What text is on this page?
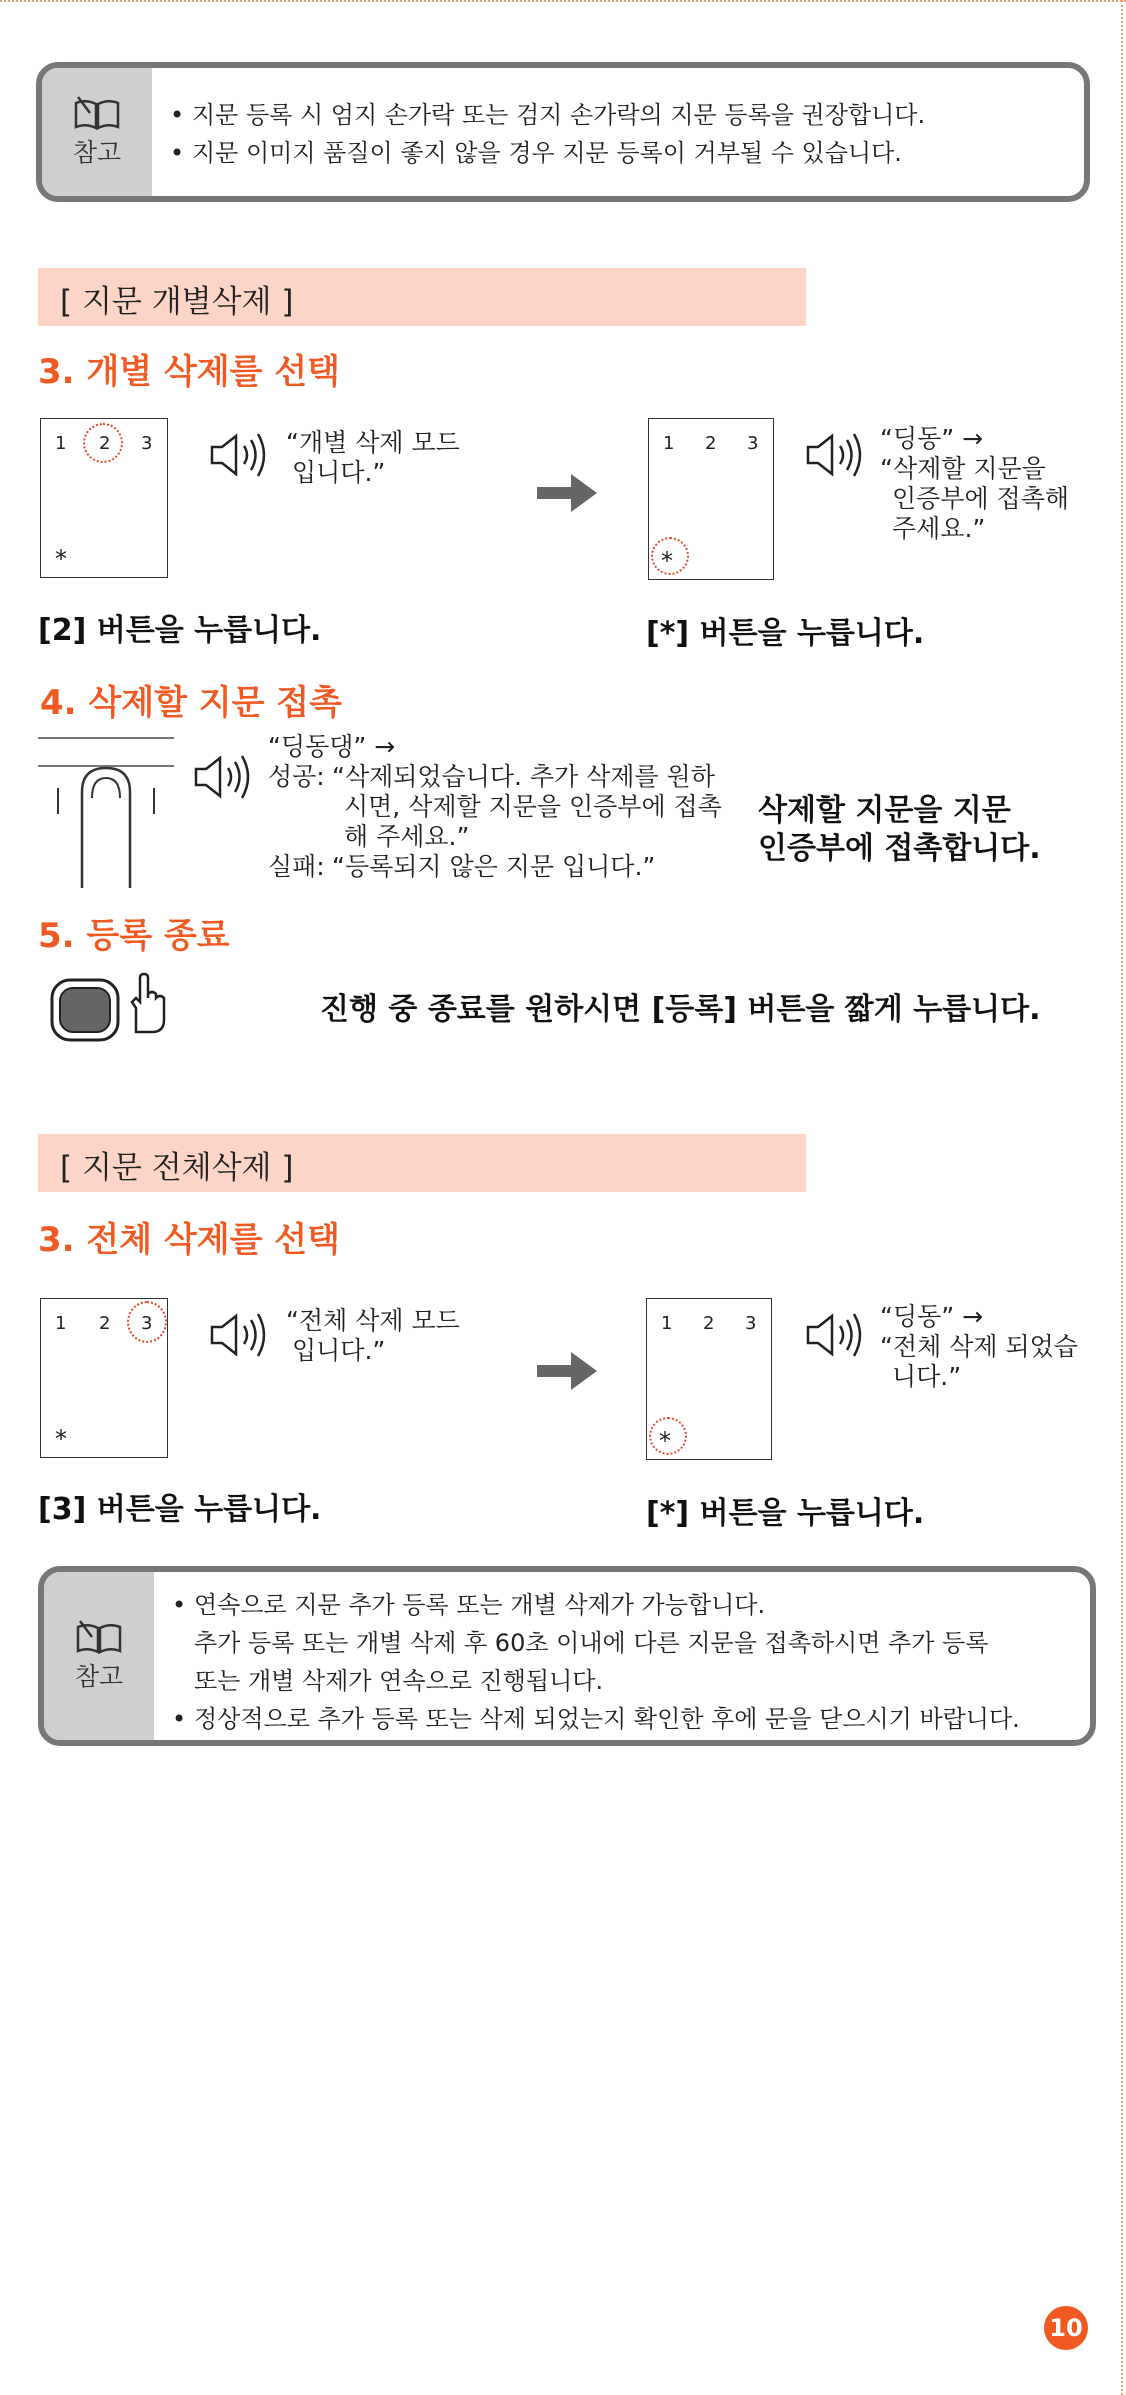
참고
• 지문 등록 시 엄지 손가락 또는 검지 손가락의 지문 등록을 권장합니다.
• 지문 이미지 품질이 좋지 않을 경우 지문 등록이 거부될 수 있습니다.
[ 지문 개별삭제 ]
3. 개별 삭제를 선택
1 2 3
*
“개별 삭제 모드
입니다.”
1 2 3
*
“딩동” →
“삭제할 지문을
인증부에 접촉해
주세요.”
[2] 버튼을 누릅니다.	[*] 버튼을 누릅니다.
4. 삭제할 지문 접촉
“딩동댕” →
성공: “삭제되었습니다. 추가 삭제를 원하
시면, 삭제할 지문을 인증부에 접촉
해 주세요.”
실패: “등록되지 않은 지문 입니다.”
삭제할 지문을 지문
인증부에 접촉합니다.
5. 등록 종료
진행 중 종료를 원하시면 [등록] 버튼을 짧게 누릅니다.
[ 지문 전체삭제 ]
3. 전체 삭제를 선택
1 2 3
*
“전체 삭제 모드
입니다.”
1 2 3
*
“딩동” →
“전체 삭제 되었습
니다.”
[3] 버튼을 누릅니다.	[*] 버튼을 누릅니다.
참고
• 연속으로 지문 추가 등록 또는 개별 삭제가 가능합니다.
추가 등록 또는 개별 삭제 후 60초 이내에 다른 지문을 접촉하시면 추가 등록
또는 개별 삭제가 연속으로 진행됩니다.
• 정상적으로 추가 등록 또는 삭제 되었는지 확인한 후에 문을 닫으시기 바랍니다.
10
